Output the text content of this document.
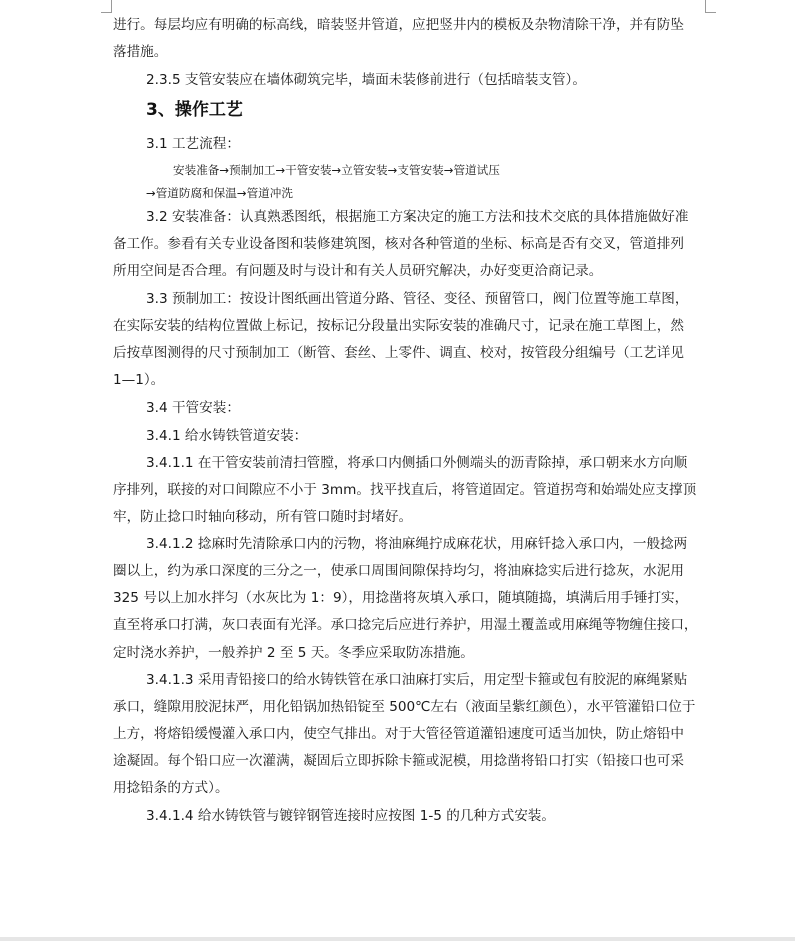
进行。每层均应有明确的标高线，暗装竖井管道，应把竖井内的模板及杂物清除干净，并有防坠
落措施。
2.3.5 支管安装应在墙体砌筑完毕，墙面未装修前进行（包括暗装支管）。
3、操作工艺
3.1 工艺流程：
安装准备→预制加工→干管安装→立管安装→支管安装→管道试压
→管道防腐和保温→管道冲洗
3.2 安装准备：认真熟悉图纸，根据施工方案决定的施工方法和技术交底的具体措施做好准
备工作。参看有关专业设备图和装修建筑图，核对各种管道的坐标、标高是否有交叉，管道排列
所用空间是否合理。有问题及时与设计和有关人员研究解决，办好变更洽商记录。
3.3 预制加工：按设计图纸画出管道分路、管径、变径、预留管口，阀门位置等施工草图，
在实际安装的结构位置做上标记，按标记分段量出实际安装的准确尺寸，记录在施工草图上，然
后按草图测得的尺寸预制加工（断管、套丝、上零件、调直、校对，按管段分组编号（工艺详见
1—1）。
3.4 干管安装：
3.4.1 给水铸铁管道安装：
3.4.1.1 在干管安装前清扫管膛，将承口内侧插口外侧端头的沥青除掉，承口朝来水方向顺
序排列，联接的对口间隙应不小于 3mm。找平找直后，将管道固定。管道拐弯和始端处应支撑顶
牢，防止捻口时轴向移动，所有管口随时封堵好。
3.4.1.2 捻麻时先清除承口内的污物，将油麻绳拧成麻花状，用麻钎捻入承口内，一般捻两
圈以上，约为承口深度的三分之一，使承口周围间隙保持均匀，将油麻捻实后进行捻灰，水泥用
325 号以上加水拌匀（水灰比为 1：9），用捻凿将灰填入承口，随填随捣，填满后用手锤打实，
直至将承口打满，灰口表面有光泽。承口捻完后应进行养护，用湿土覆盖或用麻绳等物缠住接口，
定时浇水养护，一般养护 2 至 5 天。冬季应采取防冻措施。
3.4.1.3 采用青铅接口的给水铸铁管在承口油麻打实后，用定型卡箍或包有胶泥的麻绳紧贴
承口，缝隙用胶泥抹严，用化铅锅加热铅锭至 500℃左右（液面呈紫红颜色），水平管灌铅口位于
上方，将熔铅缓慢灌入承口内，使空气排出。对于大管径管道灌铅速度可适当加快，防止熔铅中
途凝固。每个铅口应一次灌满，凝固后立即拆除卡箍或泥模，用捻凿将铅口打实（铅接口也可采
用捻铅条的方式）。
3.4.1.4 给水铸铁管与镀锌钢管连接时应按图 1-5 的几种方式安装。
